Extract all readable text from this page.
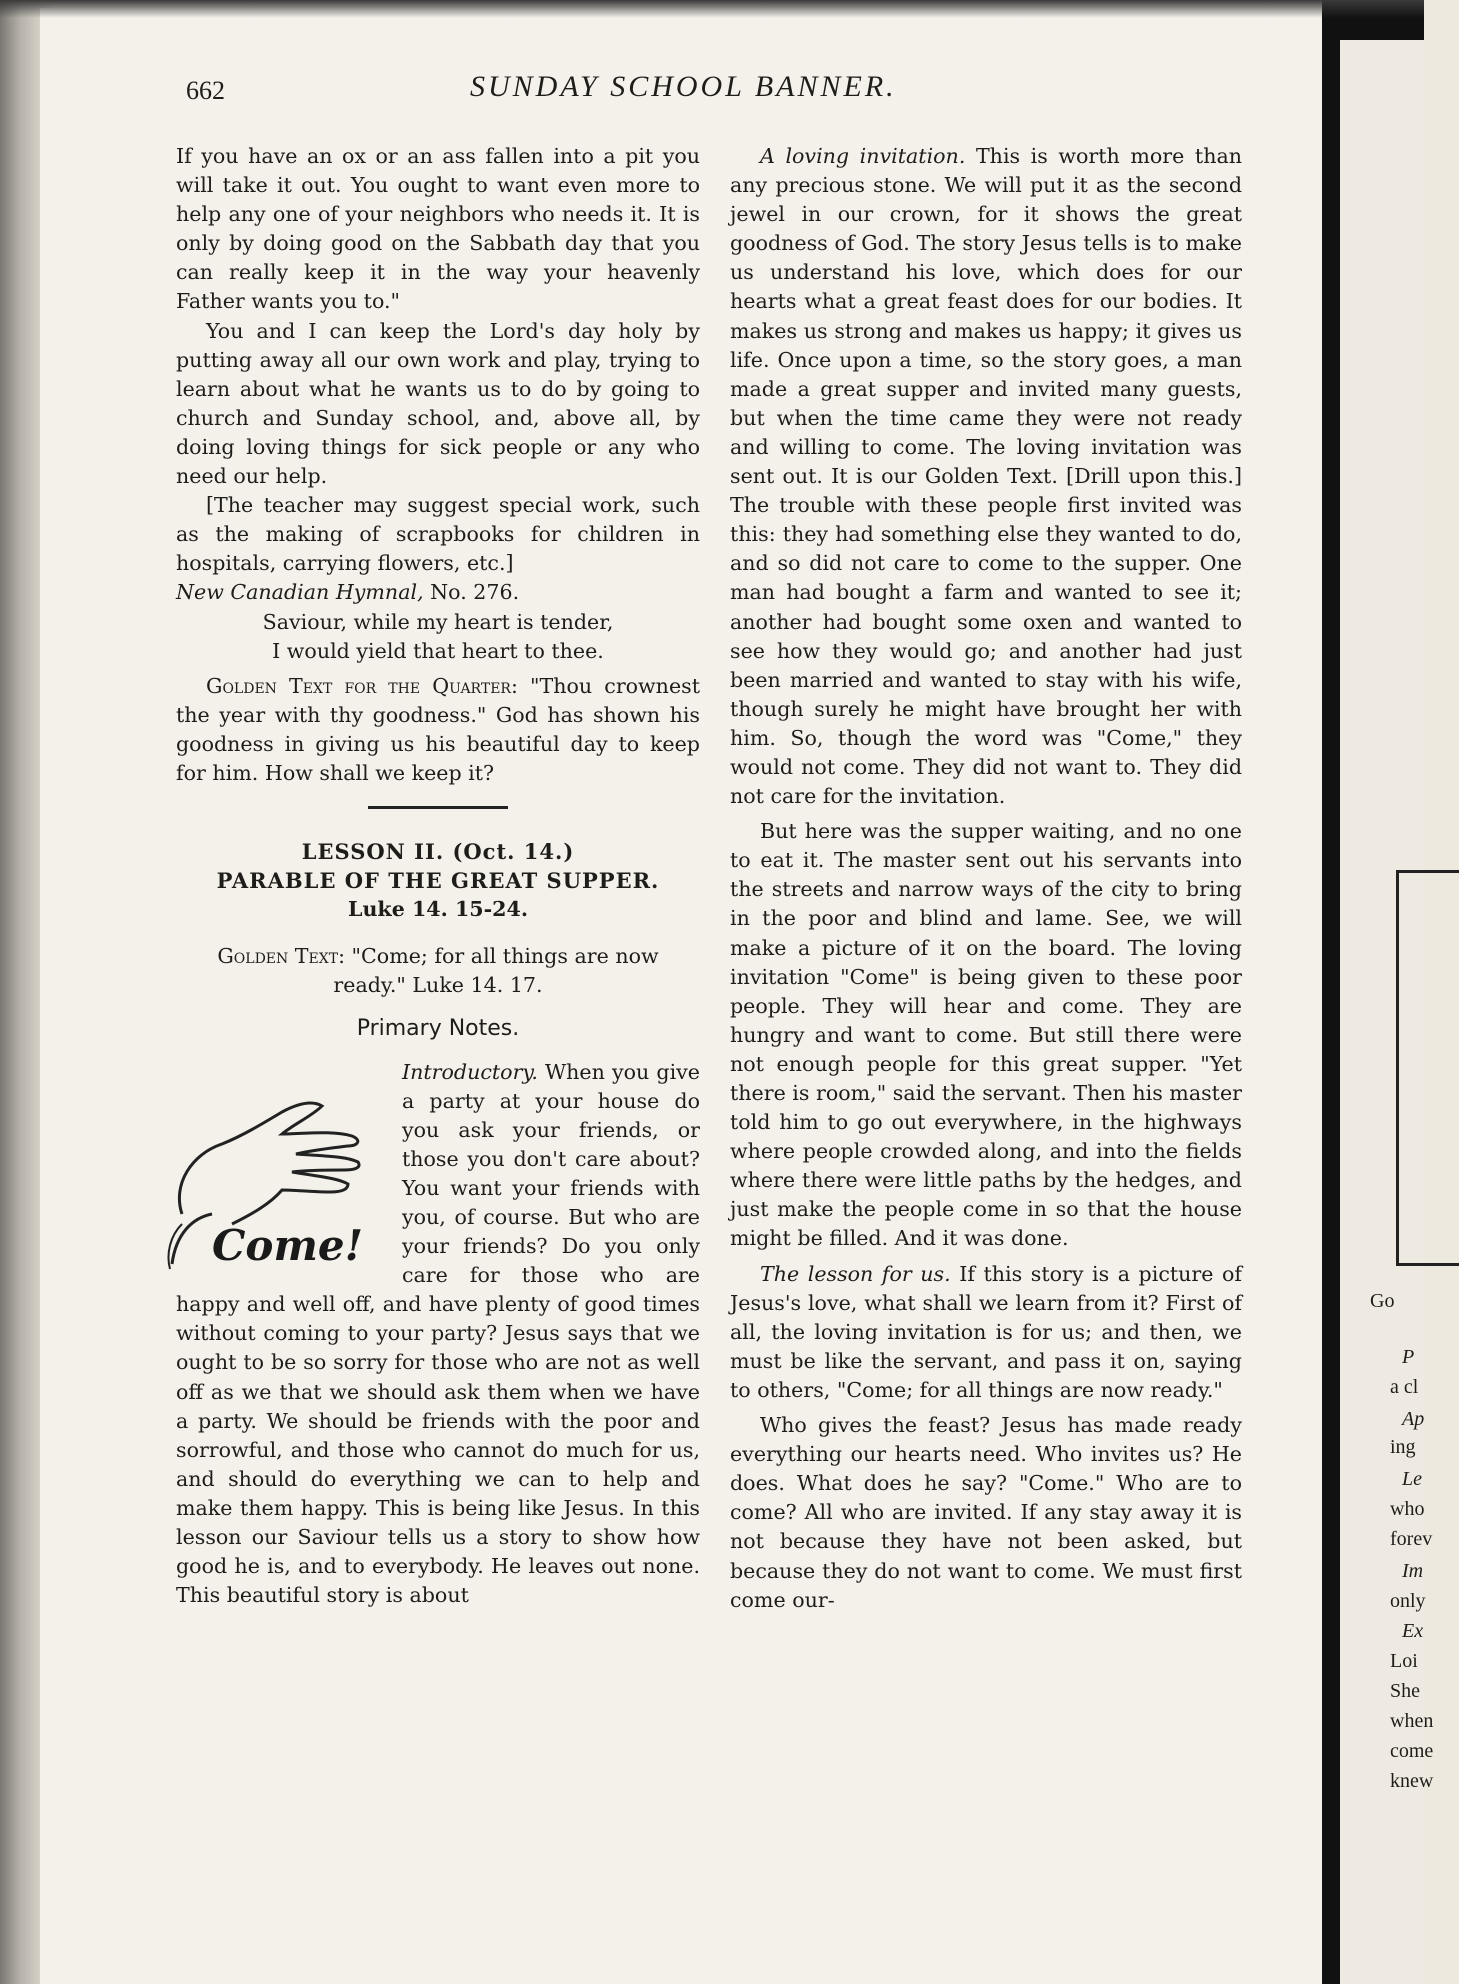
Go
P
a cl
Ap
ing
Le
who
forev
Im
only
Ex
Loi
She
when
come
knew
662	SUNDAY SCHOOL BANNER.

If you have an ox or an ass fallen into a pit you will take it out. You ought to want even more to help any one of your neighbors who needs it. It is only by doing good on the Sabbath day that you can really keep it in the way your heavenly Father wants you to."

You and I can keep the Lord's day holy by putting away all our own work and play, trying to learn about what he wants us to do by going to church and Sunday school, and, above all, by doing loving things for sick people or any who need our help.

[The teacher may suggest special work, such as the making of scrapbooks for children in hospitals, carrying flowers, etc.]

New Canadian Hymnal, No. 276.

Saviour, while my heart is tender,

I would yield that heart to thee.

Golden Text for the Quarter: "Thou crownest the year with thy goodness." God has shown his goodness in giving us his beautiful day to keep for him. How shall we keep it?

LESSON II. (Oct. 14.)

PARABLE OF THE GREAT SUPPER.

Luke 14. 15-24.

Golden Text: "Come; for all things are now ready." Luke 14. 17.

Primary Notes.

Come!

Introductory. When you give a party at your house do you ask your friends, or those you don't care about? You want your friends with you, of course. But who are your friends? Do you only care for those who are happy and well off, and have plenty of good times without coming to your party? Jesus says that we ought to be so sorry for those who are not as well off as we that we should ask them when we have a party. We should be friends with the poor and sorrowful, and those who cannot do much for us, and should do everything we can to help and make them happy. This is being like Jesus. In this lesson our Saviour tells us a story to show how good he is, and to everybody. He leaves out none. This beautiful story is about

A loving invitation. This is worth more than any precious stone. We will put it as the second jewel in our crown, for it shows the great goodness of God. The story Jesus tells is to make us understand his love, which does for our hearts what a great feast does for our bodies. It makes us strong and makes us happy; it gives us life. Once upon a time, so the story goes, a man made a great supper and invited many guests, but when the time came they were not ready and willing to come. The loving invitation was sent out. It is our Golden Text. [Drill upon this.] The trouble with these people first invited was this: they had something else they wanted to do, and so did not care to come to the supper. One man had bought a farm and wanted to see it; another had bought some oxen and wanted to see how they would go; and another had just been married and wanted to stay with his wife, though surely he might have brought her with him. So, though the word was "Come," they would not come. They did not want to. They did not care for the invitation.

But here was the supper waiting, and no one to eat it. The master sent out his servants into the streets and narrow ways of the city to bring in the poor and blind and lame. See, we will make a picture of it on the board. The loving invitation "Come" is being given to these poor people. They will hear and come. They are hungry and want to come. But still there were not enough people for this great supper. "Yet there is room," said the servant. Then his master told him to go out everywhere, in the highways where people crowded along, and into the fields where there were little paths by the hedges, and just make the people come in so that the house might be filled. And it was done.

The lesson for us. If this story is a picture of Jesus's love, what shall we learn from it? First of all, the loving invitation is for us; and then, we must be like the servant, and pass it on, saying to others, "Come; for all things are now ready."

Who gives the feast? Jesus has made ready everything our hearts need. Who invites us? He does. What does he say? "Come." Who are to come? All who are invited. If any stay away it is not because they have not been asked, but because they do not want to come. We must first come our-
